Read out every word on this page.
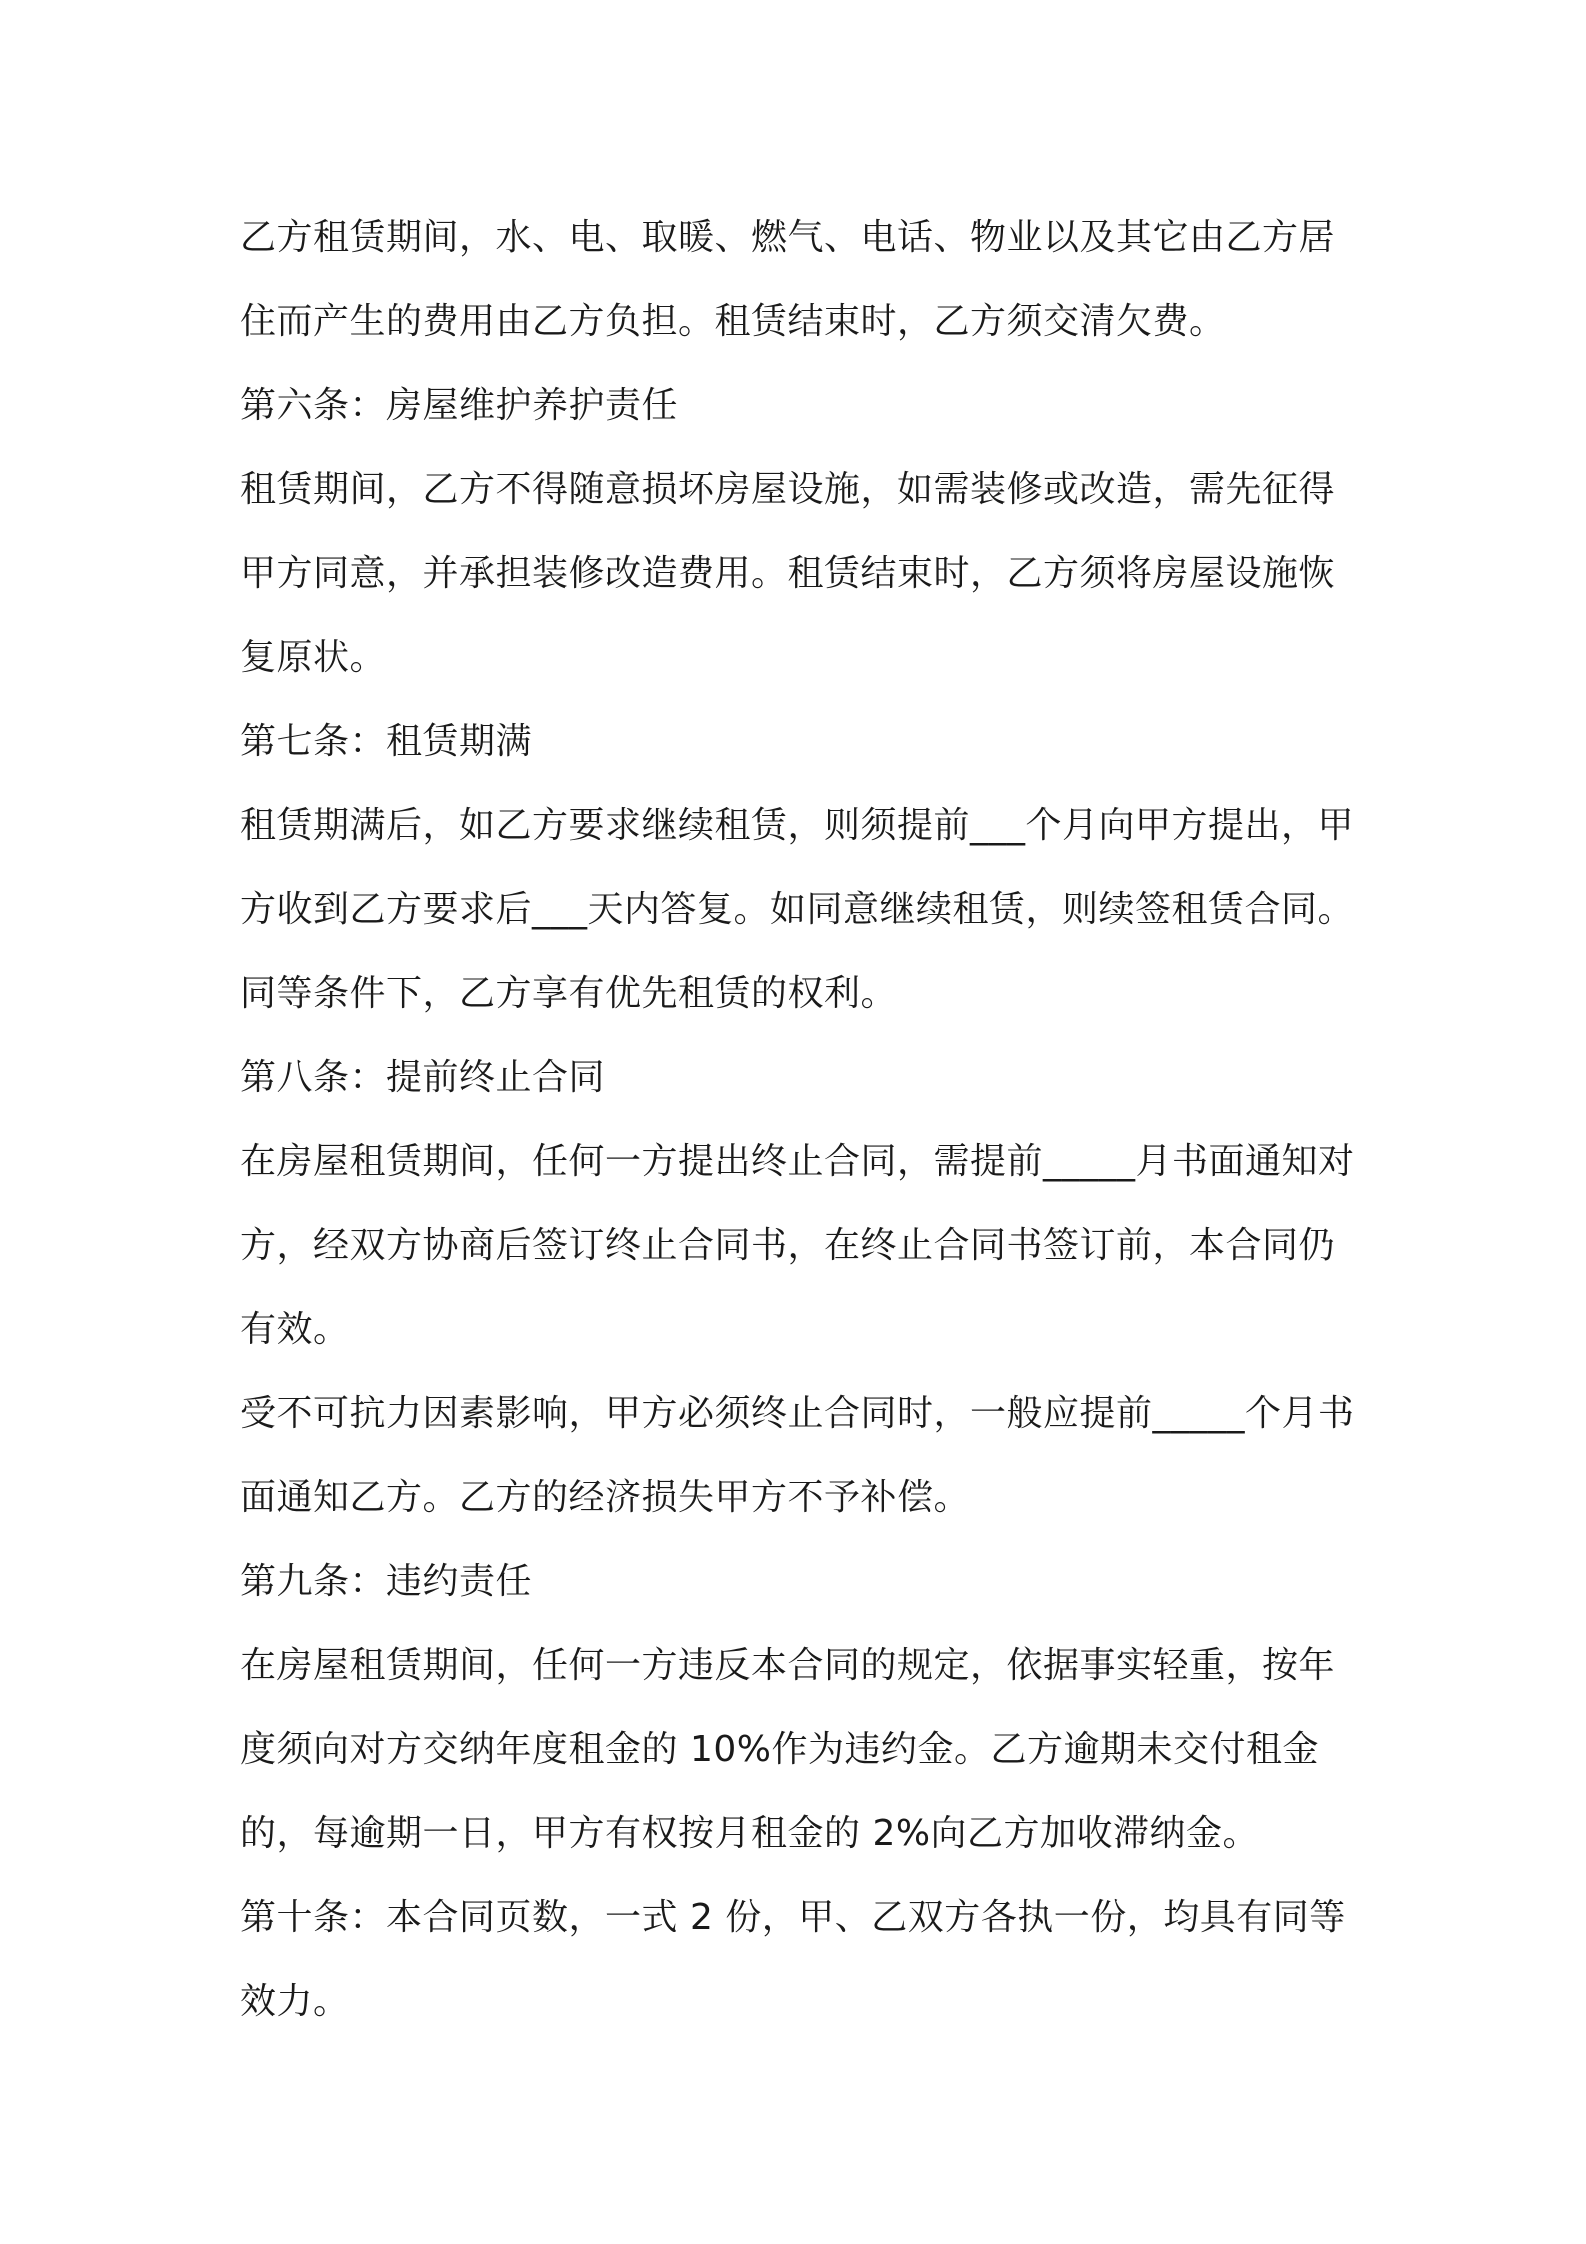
乙方租赁期间，水、电、取暖、燃气、电话、物业以及其它由乙方居住而产生的费用由乙方负担。租赁结束时，乙方须交清欠费。

第六条：房屋维护养护责任

租赁期间，乙方不得随意损坏房屋设施，如需装修或改造，需先征得甲方同意，并承担装修改造费用。租赁结束时，乙方须将房屋设施恢复原状。

第七条：租赁期满

租赁期满后，如乙方要求继续租赁，则须提前___个月向甲方提出，甲方收到乙方要求后___天内答复。如同意继续租赁，则续签租赁合同。同等条件下，乙方享有优先租赁的权利。

第八条：提前终止合同

在房屋租赁期间，任何一方提出终止合同，需提前_____月书面通知对方，经双方协商后签订终止合同书，在终止合同书签订前，本合同仍有效。

受不可抗力因素影响，甲方必须终止合同时，一般应提前_____个月书面通知乙方。乙方的经济损失甲方不予补偿。

第九条：违约责任

在房屋租赁期间，任何一方违反本合同的规定，依据事实轻重，按年度须向对方交纳年度租金的 10%作为违约金。乙方逾期未交付租金的，每逾期一日，甲方有权按月租金的 2%向乙方加收滞纳金。

第十条：本合同页数，一式 2 份，甲、乙双方各执一份，均具有同等效力。
